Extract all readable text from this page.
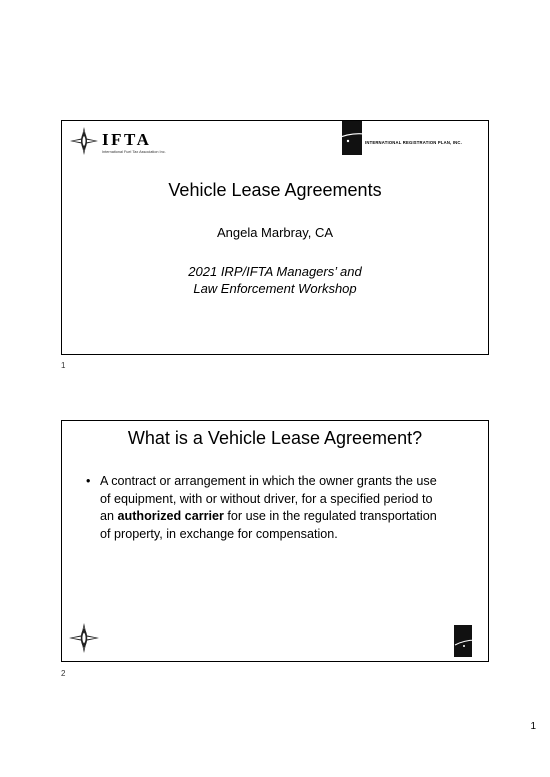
IFTA
International Fuel Tax Association Inc.
INTERNATIONAL REGISTRATION PLAN, INC.
Vehicle Lease Agreements
Angela Marbray, CA
2021 IRP/IFTA Managers’ and
Law Enforcement Workshop
1
What is a Vehicle Lease Agreement?
• A contract or arrangement in which the owner grants the use of equipment, with or without driver, for a specified period to an authorized carrier for use in the regulated transportation of property, in exchange for compensation.
2
1
